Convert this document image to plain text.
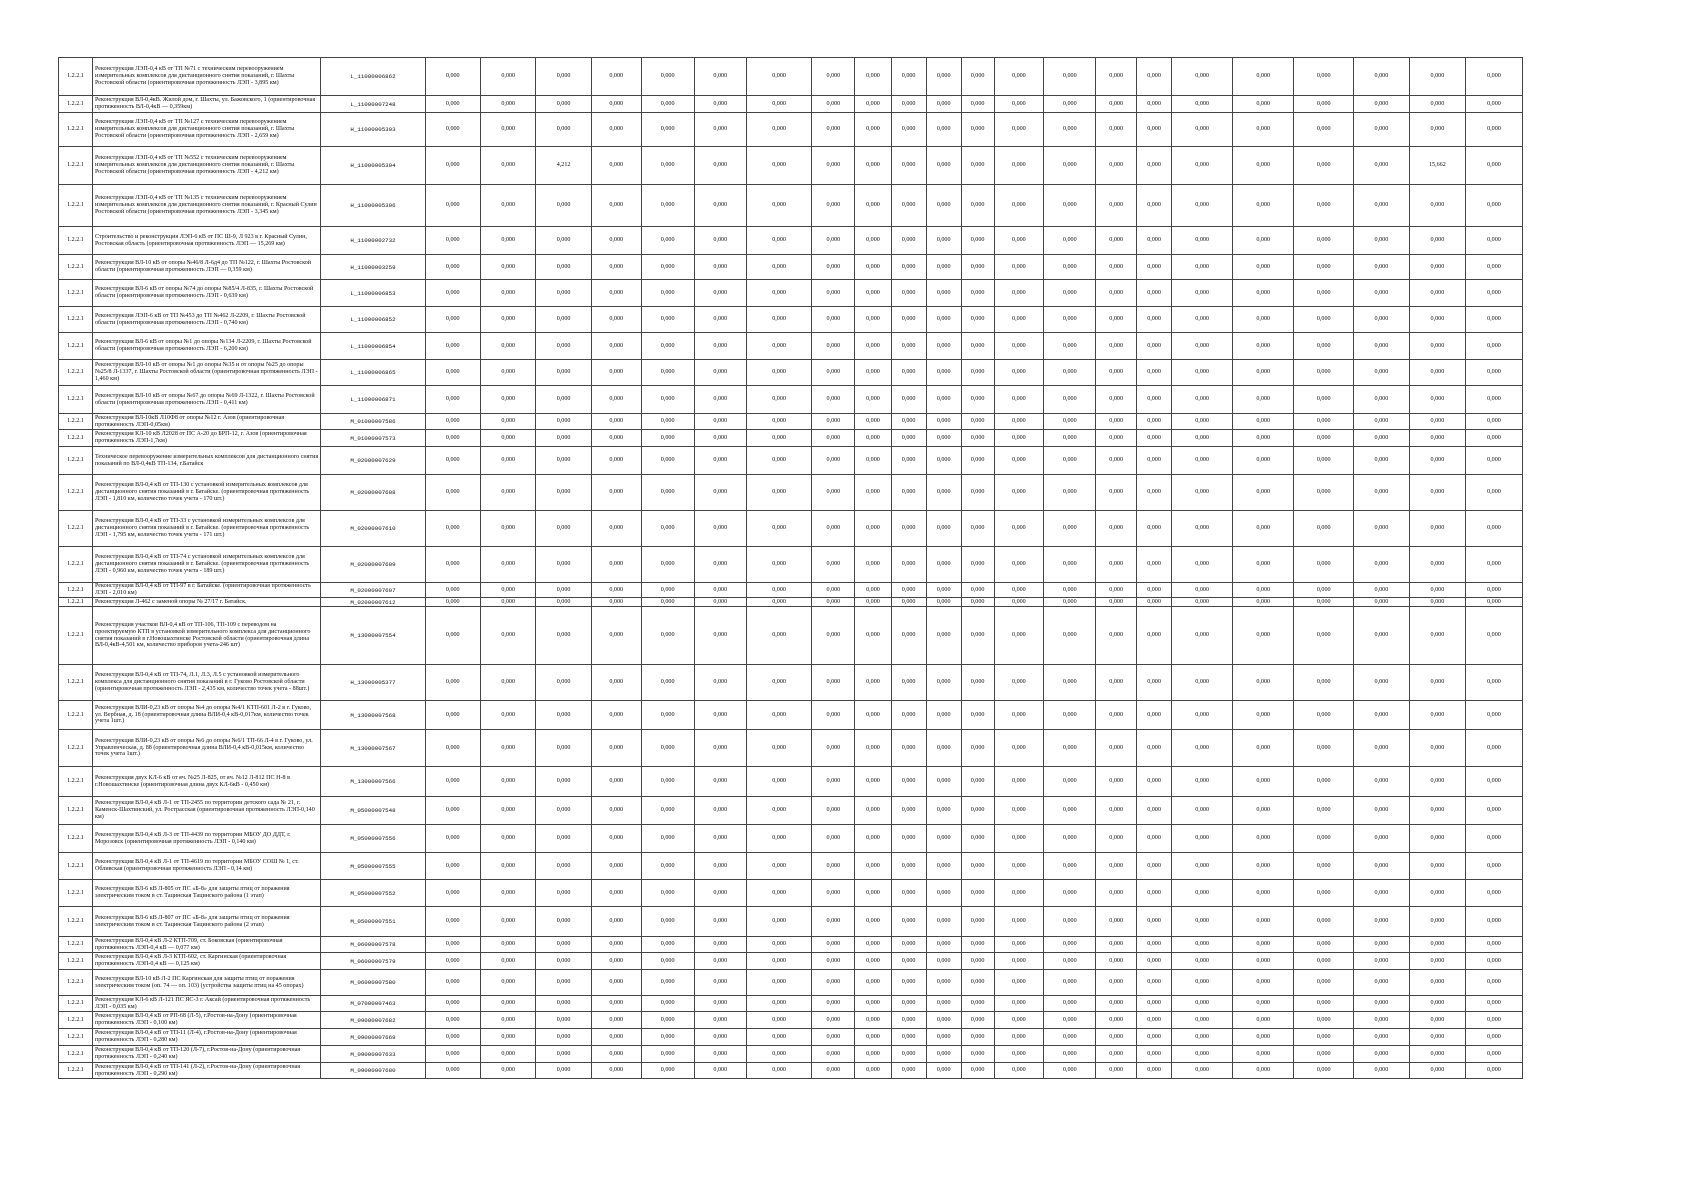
1.2.2.1	Реконструкция ЛЭП-0,4 кВ от ТП №71 с техническим перевооружением измерительных комплексов для дистанционного снятия показаний, г. Шахты Ростовской области (ориентировочная протяженность ЛЭП - 3,895 км)	L_11000006862	0,000	0,000	0,000	0,000	0,000	0,000	0,000	0,000	0,000	0,000	0,000	0,000	0,000	0,000	0,000	0,000	0,000	0,000	0,000	0,000	0,000	0,000
1.2.2.1	Реконструкция ВЛ-0,4кВ. Жилой дом, г. Шахты, ул. Бажовского, 1 (ориентировочная протяженность ВЛ-0,4кВ — 0,359км)	L_11000007248	0,000	0,000	0,000	0,000	0,000	0,000	0,000	0,000	0,000	0,000	0,000	0,000	0,000	0,000	0,000	0,000	0,000	0,000	0,000	0,000	0,000	0,000
1.2.2.1	Реконструкция ЛЭП-0,4 кВ от ТП №127 с техническим перевооружением измерительных комплексов для дистанционного снятия показаний, г. Шахты Ростовской области (ориентировочная протяженность ЛЭП - 2,659 км)	H_11000005303	0,000	0,000	0,000	0,000	0,000	0,000	0,000	0,000	0,000	0,000	0,000	0,000	0,000	0,000	0,000	0,000	0,000	0,000	0,000	0,000	0,000	0,000
1.2.2.1	Реконструкция ЛЭП-0,4 кВ от ТП №552 с техническим перевооружением измерительных комплексов для дистанционного снятия показаний, г. Шахты Ростовской области (ориентировочная протяженность ЛЭП - 4,212 км)	H_11000005304	0,000	0,000	4,212	0,000	0,000	0,000	0,000	0,000	0,000	0,000	0,000	0,000	0,000	0,000	0,000	0,000	0,000	0,000	0,000	0,000	15,662	0,000
1.2.2.1	Реконструкция ЛЭП-0,4 кВ от ТП №135 с техническим перевооружением измерительных комплексов для дистанционного снятия показаний, г. Красный Сулин Ростовской области (ориентировочная протяженность ЛЭП - 3,345 км)	H_11000005306	0,000	0,000	0,000	0,000	0,000	0,000	0,000	0,000	0,000	0,000	0,000	0,000	0,000	0,000	0,000	0,000	0,000	0,000	0,000	0,000	0,000	0,000
1.2.2.1	Строительство и реконструкция ЛЭП-6 кВ от ПС Ш-9, Л 923 в г. Красный Сулин, Ростовская область (ориентировочная протяженность ЛЭП — 15,269 км)	H_11000002732	0,000	0,000	0,000	0,000	0,000	0,000	0,000	0,000	0,000	0,000	0,000	0,000	0,000	0,000	0,000	0,000	0,000	0,000	0,000	0,000	0,000	0,000
1.2.2.1	Реконструкция ВЛ-10 кВ от опоры №46/8 Л-6д4 до ТП №122, г. Шахты Ростовской области (ориентировочная протяженность ЛЭП — 0,359 км)	H_11000003259	0,000	0,000	0,000	0,000	0,000	0,000	0,000	0,000	0,000	0,000	0,000	0,000	0,000	0,000	0,000	0,000	0,000	0,000	0,000	0,000	0,000	0,000
1.2.2.1	Реконструкция ВЛ-6 кВ от опоры №74 до опоры №85/4 Л-835, г. Шахты Ростовской области (ориентировочная протяженность ЛЭП - 0,639 км)	L_11000006853	0,000	0,000	0,000	0,000	0,000	0,000	0,000	0,000	0,000	0,000	0,000	0,000	0,000	0,000	0,000	0,000	0,000	0,000	0,000	0,000	0,000	0,000
1.2.2.1	Реконструкция ЛЭП-6 кВ от ТП №453 до ТП №462 Л-2209, г. Шахты Ростовской области (ориентировочная протяженность ЛЭП - 0,740 км)	L_11000006852	0,000	0,000	0,000	0,000	0,000	0,000	0,000	0,000	0,000	0,000	0,000	0,000	0,000	0,000	0,000	0,000	0,000	0,000	0,000	0,000	0,000	0,000
1.2.2.1	Реконструкция ВЛ-6 кВ от опоры №1 до опоры №134 Л-2209, г. Шахты Ростовской области (ориентировочная протяженность ЛЭП - 6,200 км)	L_11000006854	0,000	0,000	0,000	0,000	0,000	0,000	0,000	0,000	0,000	0,000	0,000	0,000	0,000	0,000	0,000	0,000	0,000	0,000	0,000	0,000	0,000	0,000
1.2.2.1	Реконструкция ВЛ-10 кВ от опоры №1 до опоры №35 и от опоры №25 до опоры №25/8 Л-1337, г. Шахты Ростовской области (ориентировочная протяженность ЛЭП - 1,460 км)	L_11000006865	0,000	0,000	0,000	0,000	0,000	0,000	0,000	0,000	0,000	0,000	0,000	0,000	0,000	0,000	0,000	0,000	0,000	0,000	0,000	0,000	0,000	0,000
1.2.2.1	Реконструкция ВЛ-10 кВ от опоры №67 до опоры №69 Л-1322, г. Шахты Ростовской области (ориентировочная протяженность ЛЭП - 0,411 км)	L_11000006871	0,000	0,000	0,000	0,000	0,000	0,000	0,000	0,000	0,000	0,000	0,000	0,000	0,000	0,000	0,000	0,000	0,000	0,000	0,000	0,000	0,000	0,000
1.2.2.1	Реконструкция ВЛ-10кВ Л10Ф8 от опоры №12 г. Азов (ориентировочная протяженность ЛЭП-0,05км)	M_01000007586	0,000	0,000	0,000	0,000	0,000	0,000	0,000	0,000	0,000	0,000	0,000	0,000	0,000	0,000	0,000	0,000	0,000	0,000	0,000	0,000	0,000	0,000
1.2.2.1	Реконструкция КЛ-10 кВ Л2028 от ПС А-20 до БРП-12, г. Азов (ориентировочная протяженность ЛЭП-1,7км)	M_01000007573	0,000	0,000	0,000	0,000	0,000	0,000	0,000	0,000	0,000	0,000	0,000	0,000	0,000	0,000	0,000	0,000	0,000	0,000	0,000	0,000	0,000	0,000
1.2.2.1	Техническое перевооружение измерительных комплексов для дистанционного снятия показаний по ВЛ-0,4кВ ТП-134, г.Батайск	M_02000007629	0,000	0,000	0,000	0,000	0,000	0,000	0,000	0,000	0,000	0,000	0,000	0,000	0,000	0,000	0,000	0,000	0,000	0,000	0,000	0,000	0,000	0,000
1.2.2.1	Реконструкция ВЛ-0,4 кВ от ТП-130 с установкой измерительных комплексов для дистанционного снятия показаний в г. Батайске. (ориентировочная протяженность ЛЭП - 1,810 км, количество точек учета - 170 шт.)	M_02000007608	0,000	0,000	0,000	0,000	0,000	0,000	0,000	0,000	0,000	0,000	0,000	0,000	0,000	0,000	0,000	0,000	0,000	0,000	0,000	0,000	0,000	0,000
1.2.2.1	Реконструкция ВЛ-0,4 кВ от ТП-33 с установкой измерительных комплексов для дистанционного снятия показаний в г. Батайске. (ориентировочная протяженность ЛЭП - 1,795 км, количество точек учета - 171 шт.)	M_02000007610	0,000	0,000	0,000	0,000	0,000	0,000	0,000	0,000	0,000	0,000	0,000	0,000	0,000	0,000	0,000	0,000	0,000	0,000	0,000	0,000	0,000	0,000
1.2.2.1	Реконструкция ВЛ-0,4 кВ от ТП-74 с установкой измерительных комплексов для дистанционного снятия показаний в г. Батайске. (ориентировочная протяженность ЛЭП - 0,960 км, количество точек учета - 189 шт.)	M_02000007609	0,000	0,000	0,000	0,000	0,000	0,000	0,000	0,000	0,000	0,000	0,000	0,000	0,000	0,000	0,000	0,000	0,000	0,000	0,000	0,000	0,000	0,000
1.2.2.1	Реконструкция ВЛ-0,4 кВ от ТП-97 в г. Батайске. (ориентировочная протяженность ЛЭП - 2,010 км)	M_02000007607	0,000	0,000	0,000	0,000	0,000	0,000	0,000	0,000	0,000	0,000	0,000	0,000	0,000	0,000	0,000	0,000	0,000	0,000	0,000	0,000	0,000	0,000
1.2.2.1	Реконструкция Л-462 с заменой опоры № 27/17 г. Батайск.	M_02000007612	0,000	0,000	0,000	0,000	0,000	0,000	0,000	0,000	0,000	0,000	0,000	0,000	0,000	0,000	0,000	0,000	0,000	0,000	0,000	0,000	0,000	0,000
1.2.2.1	Реконструкция участков ВЛ-0,4 кВ от ТП-106, ТП-109 с переводом на проектируемую КТП в установкой измерительного комплекса для дистанционного снятия показаний в г.Новошахтинске Ростовской области (ориентировочная длина ВЛ-0,4кВ-4,501 км, количество приборов учета-246 шт)	M_13000007554	0,000	0,000	0,000	0,000	0,000	0,000	0,000	0,000	0,000	0,000	0,000	0,000	0,000	0,000	0,000	0,000	0,000	0,000	0,000	0,000	0,000	0,000
1.2.2.1	Реконструкция ВЛ-0,4 кВ от ТП-74, Л.1, Л.3, Л.5 с установкой измерительного комплекса для дистанционного снятия показаний в г. Гуково Ростовской области (ориентировочная протяженность ЛЭП - 2,435 км, количество точек учета - 88шт.)	H_13000005377	0,000	0,000	0,000	0,000	0,000	0,000	0,000	0,000	0,000	0,000	0,000	0,000	0,000	0,000	0,000	0,000	0,000	0,000	0,000	0,000	0,000	0,000
1.2.2.1	Реконструкция ВЛИ-0,23 кВ от опоры №4 до опоры №4/1 КТП-601 Л-2 в г. Гуково, ул. Вербная, д. 18 (ориентировочная длина ВЛИ-0,4 кВ-0,017км, количество точек учета 1шт.)	M_13000007568	0,000	0,000	0,000	0,000	0,000	0,000	0,000	0,000	0,000	0,000	0,000	0,000	0,000	0,000	0,000	0,000	0,000	0,000	0,000	0,000	0,000	0,000
1.2.2.1	Реконструкция ВЛИ-0,23 кВ от опоры №6 до опоры №6/1 ТП-66 Л-4 в г. Гуково, ул. Управленческая, д. 88 (ориентировочная длина ВЛИ-0,4 кВ-0,015км, количество точек учета 1шт.)	M_13000007567	0,000	0,000	0,000	0,000	0,000	0,000	0,000	0,000	0,000	0,000	0,000	0,000	0,000	0,000	0,000	0,000	0,000	0,000	0,000	0,000	0,000	0,000
1.2.2.1	Реконструкция двух КЛ-6 кВ от яч. №25 Л-825, от яч. №12 Л-812 ПС Н-8 в г.Новошахтинске (ориентировочная длина двух КЛ-6кВ - 0,450 км)	M_13000007566	0,000	0,000	0,000	0,000	0,000	0,000	0,000	0,000	0,000	0,000	0,000	0,000	0,000	0,000	0,000	0,000	0,000	0,000	0,000	0,000	0,000	0,000
1.2.2.1	Реконструкция ВЛ-0,4 кВ Л-1 от ТП-2455 по территории детского сада № 21, г. Каменск-Шахтинский, ул. Рострасская (ориентировочная протяженность ЛЭП-0,140 км)	M_05000007548	0,000	0,000	0,000	0,000	0,000	0,000	0,000	0,000	0,000	0,000	0,000	0,000	0,000	0,000	0,000	0,000	0,000	0,000	0,000	0,000	0,000	0,000
1.2.2.1	Реконструкция ВЛ-0,4 кВ Л-3 от ТП-4439 по территории МБОУ ДО ДДТ, г. Морозовск (ориентировочная протяженность ЛЭП - 0,140 км)	M_05000007556	0,000	0,000	0,000	0,000	0,000	0,000	0,000	0,000	0,000	0,000	0,000	0,000	0,000	0,000	0,000	0,000	0,000	0,000	0,000	0,000	0,000	0,000
1.2.2.1	Реконструкция ВЛ-0,4 кВ Л-1 от ТП-4619 по территории МБОУ СОШ № 1, ст. Обливская (ориентировочная протяженность ЛЭП - 0,14 км)	M_05000007555	0,000	0,000	0,000	0,000	0,000	0,000	0,000	0,000	0,000	0,000	0,000	0,000	0,000	0,000	0,000	0,000	0,000	0,000	0,000	0,000	0,000	0,000
1.2.2.1	Реконструкция ВЛ-6 кВ Л-805 от ПС «Б-8» для защиты птиц от поражения электрическим током в ст. Тацинская Тацинского района (1 этап)	M_05000007552	0,000	0,000	0,000	0,000	0,000	0,000	0,000	0,000	0,000	0,000	0,000	0,000	0,000	0,000	0,000	0,000	0,000	0,000	0,000	0,000	0,000	0,000
1.2.2.1	Реконструкция ВЛ-6 кВ Л-807 от ПС «Б-8» для защиты птиц от поражения электрическим током в ст. Тацинская Тацинского района (2 этап)	M_05000007551	0,000	0,000	0,000	0,000	0,000	0,000	0,000	0,000	0,000	0,000	0,000	0,000	0,000	0,000	0,000	0,000	0,000	0,000	0,000	0,000	0,000	0,000
1.2.2.1	Реконструкция ВЛ-0,4 кВ Л-2 КТП-709, ст. Боковская (ориентировочная протяженность ЛЭП-0,4 кВ — 0,077 км)	M_06000007578	0,000	0,000	0,000	0,000	0,000	0,000	0,000	0,000	0,000	0,000	0,000	0,000	0,000	0,000	0,000	0,000	0,000	0,000	0,000	0,000	0,000	0,000
1.2.2.1	Реконструкция ВЛ-0,4 кВ Л-3 КТП-602, ст. Каргинская (ориентировочная протяженность ЛЭП-0,4 кВ — 0,125 км)	M_06000007579	0,000	0,000	0,000	0,000	0,000	0,000	0,000	0,000	0,000	0,000	0,000	0,000	0,000	0,000	0,000	0,000	0,000	0,000	0,000	0,000	0,000	0,000
1.2.2.1	Реконструкция ВЛ-10 кВ Л-2 ПС Каргинская для защиты птиц от поражения электрическим током (оп. 74 — оп. 103) (устройства защиты птиц на 45 опорах)	M_06000007580	0,000	0,000	0,000	0,000	0,000	0,000	0,000	0,000	0,000	0,000	0,000	0,000	0,000	0,000	0,000	0,000	0,000	0,000	0,000	0,000	0,000	0,000
1.2.2.1	Реконструкция КЛ-6 кВ Л-121 ПС ЯС-3 г. Аксай (ориентировочная протяженность ЛЭП - 0,035 км)	M_07000007463	0,000	0,000	0,000	0,000	0,000	0,000	0,000	0,000	0,000	0,000	0,000	0,000	0,000	0,000	0,000	0,000	0,000	0,000	0,000	0,000	0,000	0,000
1.2.2.1	Реконструкция ВЛ-0,4 кВ от РП-68 (Л-5), г.Ростов-на-Дону (ориентировочная протяженность ЛЭП - 0,100 км)	M_09000007682	0,000	0,000	0,000	0,000	0,000	0,000	0,000	0,000	0,000	0,000	0,000	0,000	0,000	0,000	0,000	0,000	0,000	0,000	0,000	0,000	0,000	0,000
1.2.2.1	Реконструкция ВЛ-0,4 кВ от ТП-11 (Л-4), г.Ростов-на-Дону (ориентировочная протяженность ЛЭП - 0,280 км)	M_09000007669	0,000	0,000	0,000	0,000	0,000	0,000	0,000	0,000	0,000	0,000	0,000	0,000	0,000	0,000	0,000	0,000	0,000	0,000	0,000	0,000	0,000	0,000
1.2.2.1	Реконструкция ВЛ-0,4 кВ от ТП-120 (Л-7), г.Ростов-на-Дону (ориентировочная протяженность ЛЭП - 0,240 км)	M_09000007633	0,000	0,000	0,000	0,000	0,000	0,000	0,000	0,000	0,000	0,000	0,000	0,000	0,000	0,000	0,000	0,000	0,000	0,000	0,000	0,000	0,000	0,000
1.2.2.1	Реконструкция ВЛ-0,4 кВ от ТП-141 (Л-2), г.Ростов-на-Дону (ориентировочная протяженность ЛЭП - 0,290 км)	M_09000007680	0,000	0,000	0,000	0,000	0,000	0,000	0,000	0,000	0,000	0,000	0,000	0,000	0,000	0,000	0,000	0,000	0,000	0,000	0,000	0,000	0,000	0,000
